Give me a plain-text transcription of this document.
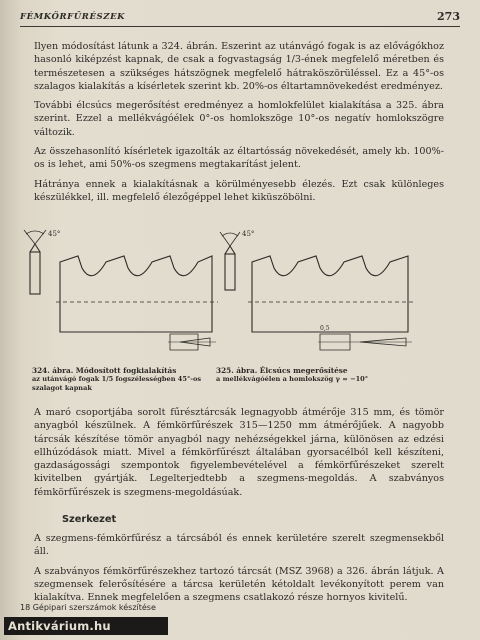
FÉMKÖRFŰRÉSZEK	273

Ilyen módosítást látunk a 324. ábrán. Eszerint az utánvágó fogak is az elővágókhoz hasonló kiképzést kapnak, de csak a fogvastagság 1/3-ének megfelelő méretben és természetesen a szükséges hátszögnek megfelelő hátraköszörüléssel. Ez a 45°-os szalagos kialakítás a kísérletek szerint kb. 20%-os éltartamnövekedést eredményez.

További élcsúcs megerősítést eredményez a homlokfelület kialakítása a 325. ábra szerint. Ezzel a mellékvágóélek 0°-os homlokszöge 10°-os negatív homlokszögre változik.

Az összehasonlító kísérletek igazolták az éltartósság növekedését, amely kb. 100%-os is lehet, ami 50%-os szegmens megtakarítást jelent.

Hátránya ennek a kialakításnak a körülményesebb élezés. Ezt csak különleges készülékkel, ill. megfelelő élezőgéppel lehet kiküszöbölni.

45°	45°
0,5
324. ábra. Módosított fogkialakítás
az utánvágó fogak 1/5 fogszélességben 45°-os szalagot kapnak
325. ábra. Élcsúcs megerősítése
a mellékvágóélen a homlokszög γ = −10°

A maró csoportjába sorolt fűrésztárcsák legnagyobb átmérője 315 mm, és tömör anyagból készülnek. A fémkörfűrészek 315—1250 mm átmérőjűek. A nagyobb tárcsák készítése tömör anyagból nagy nehézségekkel járna, különösen az edzési ellhúzódások miatt. Mivel a fémkörfűrészt általában gyorsacélból kell készíteni, gazdaságossági szempontok figyelembevételével a fémkörfűrészeket szerelt kivitelben gyártják. Legelterjedtebb a szegmens-megoldás. A szabványos fémkörfűrészek is szegmens-megoldásúak.

Szerkezet

A szegmens-fémkörfűrész a tárcsából és ennek kerületére szerelt szegmensekből áll.

A szabványos fémkörfűrészekhez tartozó tárcsát (MSZ 3968) a 326. ábrán látjuk. A szegmensek felerősítésére a tárcsa kerületén kétoldalt levékonyított perem van kialakítva. Ennek megfelelően a szegmens csatlakozó része hornyos kivitelű.

18 Gépipari szerszámok készítése
Antikvárium.hu
